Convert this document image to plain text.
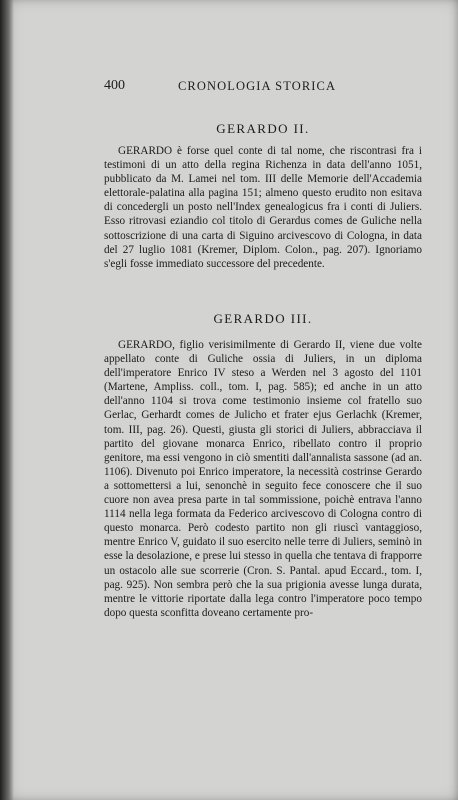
400	CRONOLOGIA STORICA
GERARDO II.

GERARDO è forse quel conte di tal nome, che riscontrasi fra i testimoni di un atto della regina Richenza in data dell'anno 1051, pubblicato da M. Lamei nel tom. III delle Memorie dell'Accademia elettorale-palatina alla pagina 151; almeno questo erudito non esitava di concedergli un posto nell'Index genealogicus fra i conti di Juliers. Esso ritrovasi eziandio col titolo di Gerardus comes de Guliche nella sottoscrizione di una carta di Siguino arcivescovo di Cologna, in data del 27 luglio 1081 (Kremer, Diplom. Colon., pag. 207). Ignoriamo s'egli fosse immediato successore del precedente.

GERARDO III.

GERARDO, figlio verisimilmente di Gerardo II, viene due volte appellato conte di Guliche ossia di Juliers, in un diploma dell'imperatore Enrico IV steso a Werden nel 3 agosto del 1101 (Martene, Ampliss. coll., tom. I, pag. 585); ed anche in un atto dell'anno 1104 si trova come testimonio insieme col fratello suo Gerlac, Gerhardt comes de Julicho et frater ejus Gerlachk (Kremer, tom. III, pag. 26). Questi, giusta gli storici di Juliers, abbracciava il partito del giovane monarca Enrico, ribellato contro il proprio genitore, ma essi vengono in ciò smentiti dall'annalista sassone (ad an. 1106). Divenuto poi Enrico imperatore, la necessità costrinse Gerardo a sottomettersi a lui, senonchè in seguito fece conoscere che il suo cuore non avea presa parte in tal sommissione, poichè entrava l'anno 1114 nella lega formata da Federico arcivescovo di Cologna contro di questo monarca. Però codesto partito non gli riuscì vantaggioso, mentre Enrico V, guidato il suo esercito nelle terre di Juliers, seminò in esse la desolazione, e prese lui stesso in quella che tentava di frapporre un ostacolo alle sue scorrerie (Cron. S. Pantal. apud Eccard., tom. I, pag. 925). Non sembra però che la sua prigionia avesse lunga durata, mentre le vittorie riportate dalla lega contro l'imperatore poco tempo dopo questa sconfitta doveano certamente pro-
